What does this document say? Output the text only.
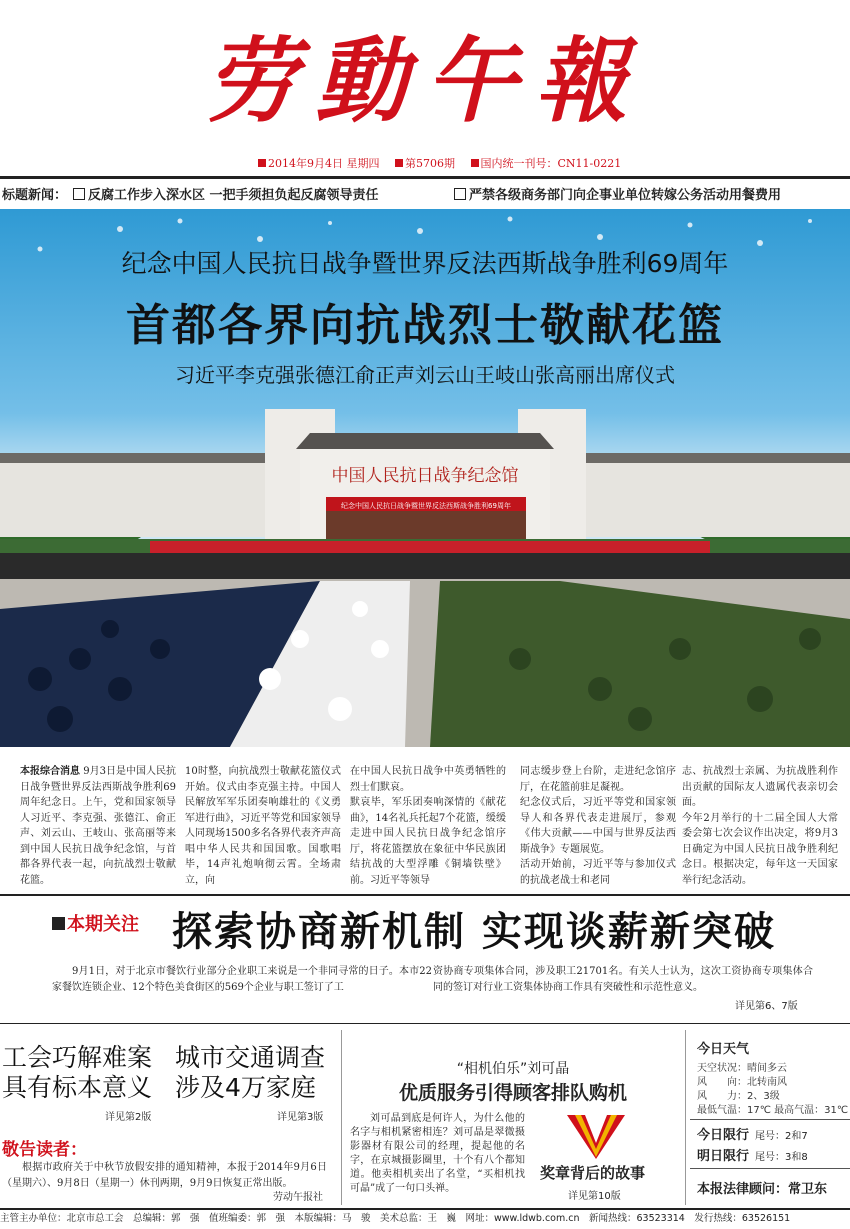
劳動午報
2014年9月4日 星期四 第5706期 国内统一刊号：CN11-0221
标题新闻：	反腐工作步入深水区 一把手须担负起反腐领导责任	严禁各级商务部门向企事业单位转嫁公务活动用餐费用
中国人民抗日战争纪念馆
纪念中国人民抗日战争暨世界反法西斯战争胜利69周年
纪念中国人民抗日战争暨世界反法西斯战争胜利69周年
首都各界向抗战烈士敬献花篮
习近平李克强张德江俞正声刘云山王岐山张高丽出席仪式
本报综合消息 9月3日是中国人民抗日战争暨世界反法西斯战争胜利69周年纪念日。上午，党和国家领导人习近平、李克强、张德江、俞正声、刘云山、王岐山、张高丽等来到中国人民抗日战争纪念馆，与首都各界代表一起，向抗战烈士敬献花篮。
10时整，向抗战烈士敬献花篮仪式开始。仪式由李克强主持。中国人民解放军军乐团奏响雄壮的《义勇军进行曲》，习近平等党和国家领导人同现场1500多名各界代表齐声高唱中华人民共和国国歌。国歌唱毕，14声礼炮响彻云霄。全场肃立，向
在中国人民抗日战争中英勇牺牲的烈士们默哀。
默哀毕，军乐团奏响深情的《献花曲》，14名礼兵托起7个花篮，缓缓走进中国人民抗日战争纪念馆序厅，将花篮摆放在象征中华民族团结抗战的大型浮雕《铜墙铁壁》前。习近平等领导
同志缓步登上台阶，走进纪念馆序厅，在花篮前驻足凝视。
纪念仪式后，习近平等党和国家领导人和各界代表走进展厅，参观《伟大贡献——中国与世界反法西斯战争》专题展览。
活动开始前，习近平等与参加仪式的抗战老战士和老同
志、抗战烈士亲属、为抗战胜利作出贡献的国际友人遗属代表亲切会面。
今年2月举行的十二届全国人大常委会第七次会议作出决定，将9月3日确定为中国人民抗日战争胜利纪念日。根据决定，每年这一天国家举行纪念活动。
本期关注 探索协商新机制 实现谈薪新突破
9月1日，对于北京市餐饮行业部分企业职工来说是一个非同寻常的日子。本市22家餐饮连锁企业、12个特色美食街区的569个企业与职工签订了工
资协商专项集体合同，涉及职工21701名。有关人士认为，这次工资协商专项集体合同的签订对行业工资集体协商工作具有突破性和示范性意义。
详见第6、7版
工会巧解难案
具有标本意义
详见第2版
城市交通调查
涉及4万家庭
详见第3版
敬告读者：
根据市政府关于中秋节放假安排的通知精神，本报于2014年9月6日（星期六）、9月8日（星期一）休刊两期，9月9日恢复正常出版。
劳动午报社
“相机伯乐”刘可晶
优质服务引得顾客排队购机
刘可晶到底是何许人，为什么他的名字与相机紧密相连？刘可晶是翠微摄影器材有限公司的经理，提起他的名字，在京城摄影圈里，十个有八个都知道。他卖相机卖出了名堂，“买相机找可晶”成了一句口头禅。
奖章背后的故事
详见第10版
今日天气
天空状况：晴间多云
风　　向：北转南风
风　　力：2、3级
最低气温：17℃ 最高气温：31℃
今日限行 尾号：2和7
明日限行 尾号：3和8
本报法律顾问：常卫东
主管主办单位：北京市总工会　总编辑：郭　强　值班编委：郭　强　本版编辑：马　骏　美术总监：王　巍　网址：www.ldwb.com.cn　新闻热线：63523314　发行热线：63526151
